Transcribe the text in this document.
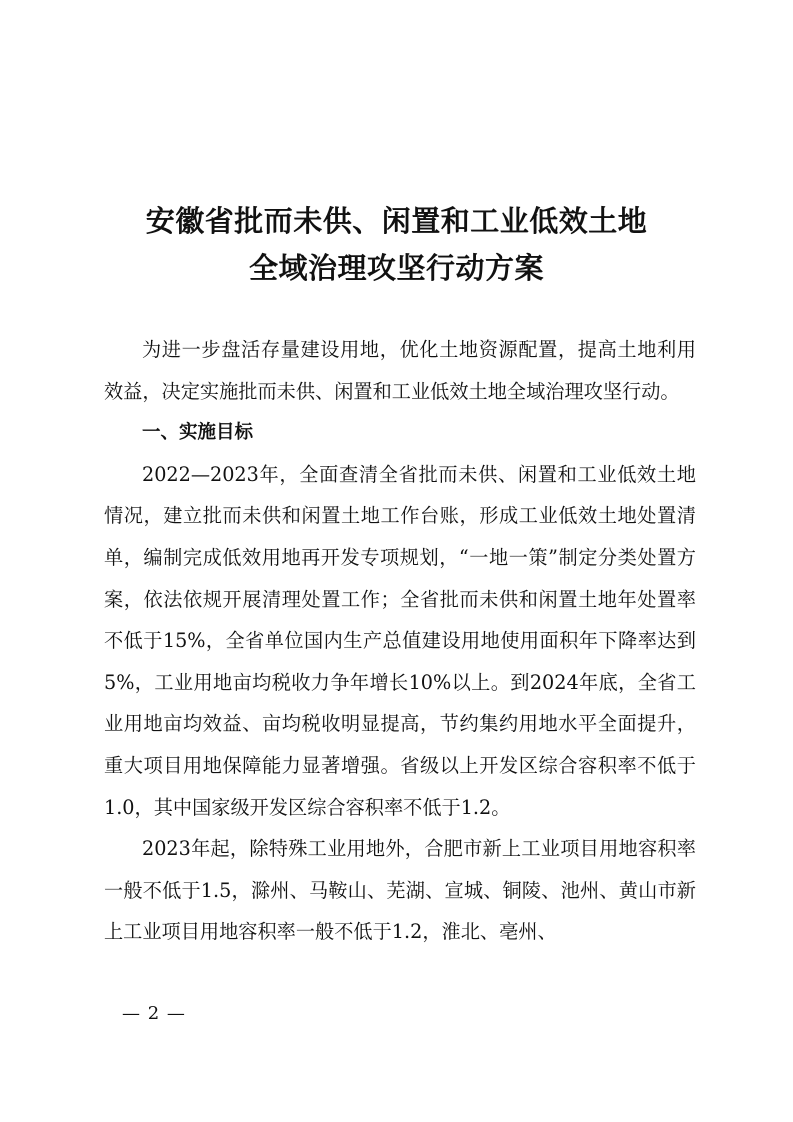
安徽省批而未供、闲置和工业低效土地
全域治理攻坚行动方案

为进一步盘活存量建设用地，优化土地资源配置，提高土地利用效益，决定实施批而未供、闲置和工业低效土地全域治理攻坚行动。

一、实施目标

2022—2023年，全面查清全省批而未供、闲置和工业低效土地情况，建立批而未供和闲置土地工作台账，形成工业低效土地处置清单，编制完成低效用地再开发专项规划，“一地一策”制定分类处置方案，依法依规开展清理处置工作；全省批而未供和闲置土地年处置率不低于15%，全省单位国内生产总值建设用地使用面积年下降率达到5%，工业用地亩均税收力争年增长10%以上。到2024年底，全省工业用地亩均效益、亩均税收明显提高，节约集约用地水平全面提升，重大项目用地保障能力显著增强。省级以上开发区综合容积率不低于1.0，其中国家级开发区综合容积率不低于1.2。

2023年起，除特殊工业用地外，合肥市新上工业项目用地容积率一般不低于1.5，滁州、马鞍山、芜湖、宣城、铜陵、池州、黄山市新上工业项目用地容积率一般不低于1.2，淮北、亳州、

— 2 —
